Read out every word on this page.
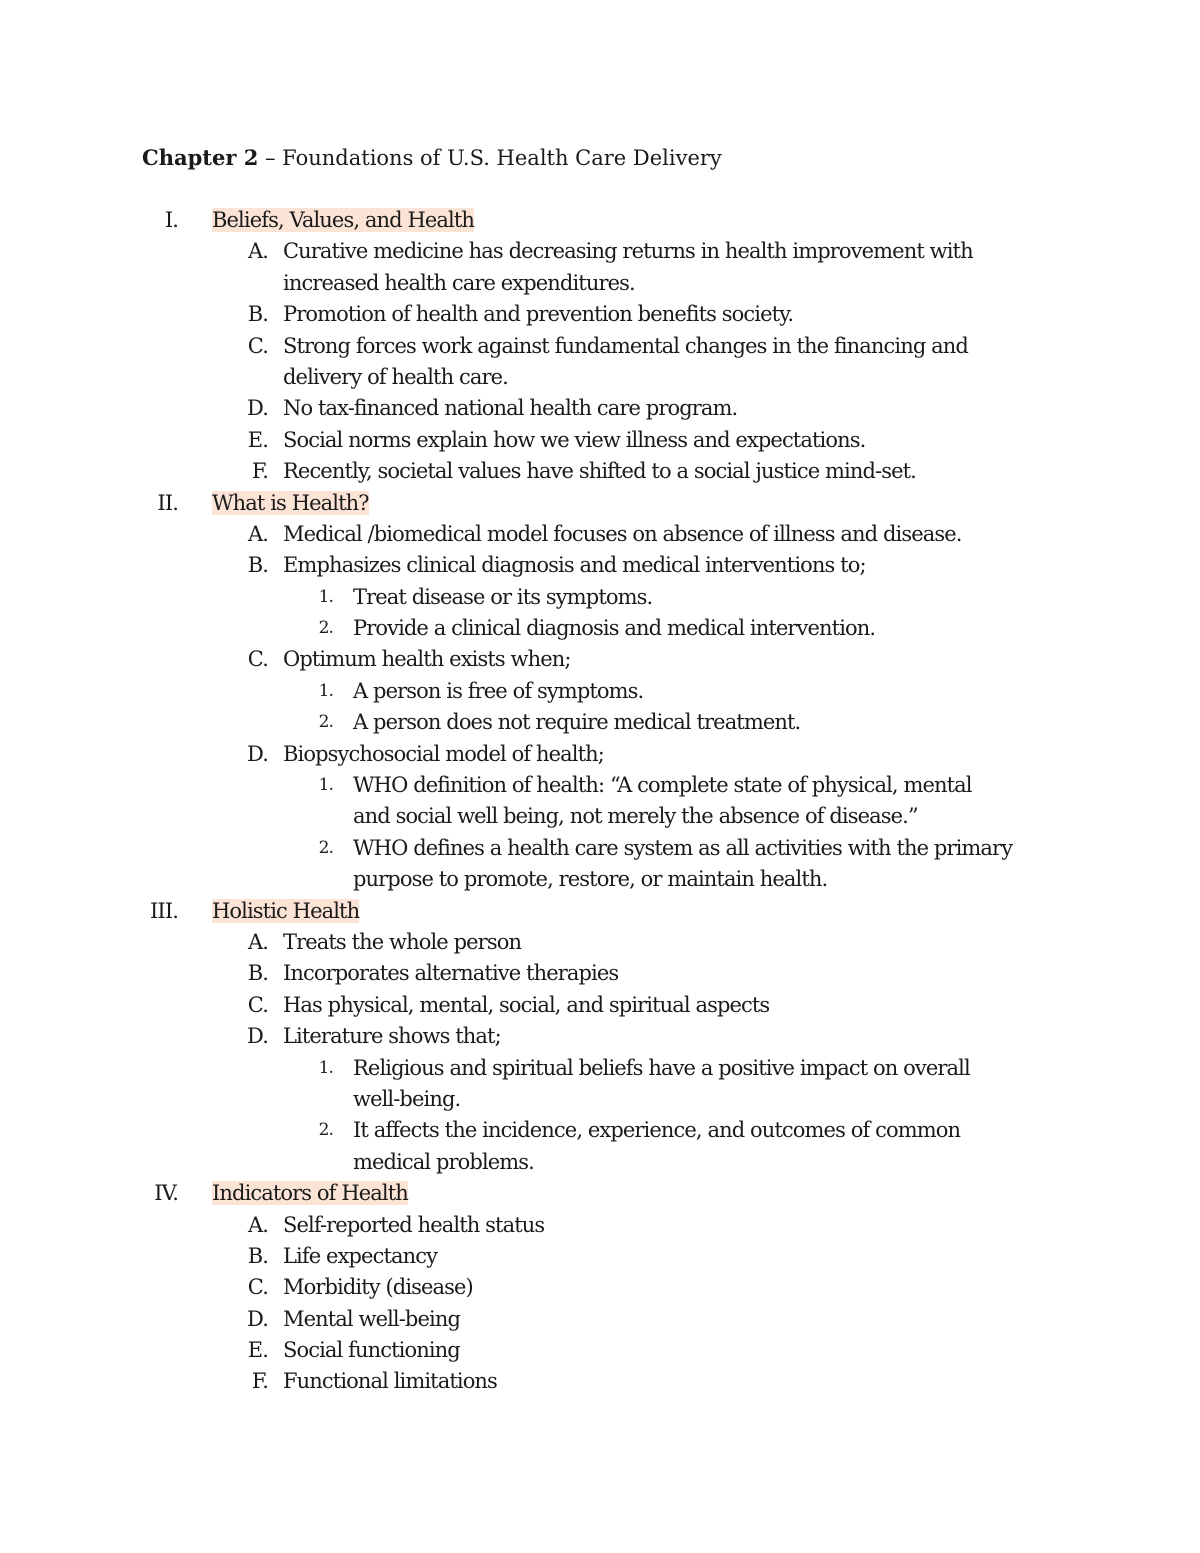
Chapter 2 – Foundations of U.S. Health Care Delivery
I. Beliefs, Values, and Health
A. Curative medicine has decreasing returns in health improvement with
increased health care expenditures.
B. Promotion of health and prevention benefits society.
C. Strong forces work against fundamental changes in the financing and
delivery of health care.
D. No tax-financed national health care program.
E. Social norms explain how we view illness and expectations.
F. Recently, societal values have shifted to a social justice mind-set.
II. What is Health?
A. Medical /biomedical model focuses on absence of illness and disease.
B. Emphasizes clinical diagnosis and medical interventions to;
1. Treat disease or its symptoms.
2. Provide a clinical diagnosis and medical intervention.
C. Optimum health exists when;
1. A person is free of symptoms.
2. A person does not require medical treatment.
D. Biopsychosocial model of health;
1. WHO definition of health: “A complete state of physical, mental
and social well being, not merely the absence of disease.”
2. WHO defines a health care system as all activities with the primary
purpose to promote, restore, or maintain health.
III. Holistic Health
A. Treats the whole person
B. Incorporates alternative therapies
C. Has physical, mental, social, and spiritual aspects
D. Literature shows that;
1. Religious and spiritual beliefs have a positive impact on overall
well-being.
2. It affects the incidence, experience, and outcomes of common
medical problems.
IV. Indicators of Health
A. Self-reported health status
B. Life expectancy
C. Morbidity (disease)
D. Mental well-being
E. Social functioning
F. Functional limitations
